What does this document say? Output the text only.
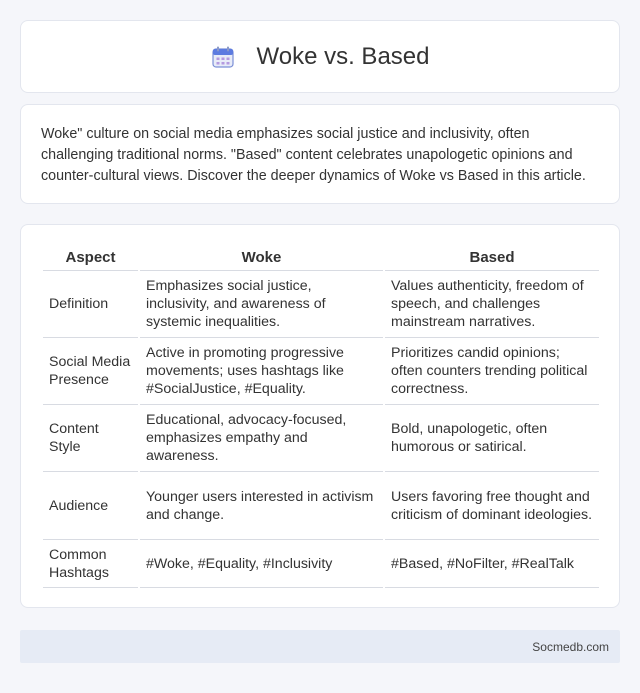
Woke vs. Based

Woke" culture on social media emphasizes social justice and inclusivity, often challenging traditional norms. "Based" content celebrates unapologetic opinions and counter-cultural views. Discover the deeper dynamics of Woke vs Based in this article.

Aspect	Woke	Based
Definition	Emphasizes social justice, inclusivity, and awareness of systemic inequalities.	Values authenticity, freedom of speech, and challenges mainstream narratives.
Social Media Presence	Active in promoting progressive movements; uses hashtags like #SocialJustice, #Equality.	Prioritizes candid opinions; often counters trending political correctness.
Content Style	Educational, advocacy-focused, emphasizes empathy and awareness.	Bold, unapologetic, often humorous or satirical.
Audience	Younger users interested in activism and change.	Users favoring free thought and criticism of dominant ideologies.
Common Hashtags	#Woke, #Equality, #Inclusivity	#Based, #NoFilter, #RealTalk
Socmedb.com
